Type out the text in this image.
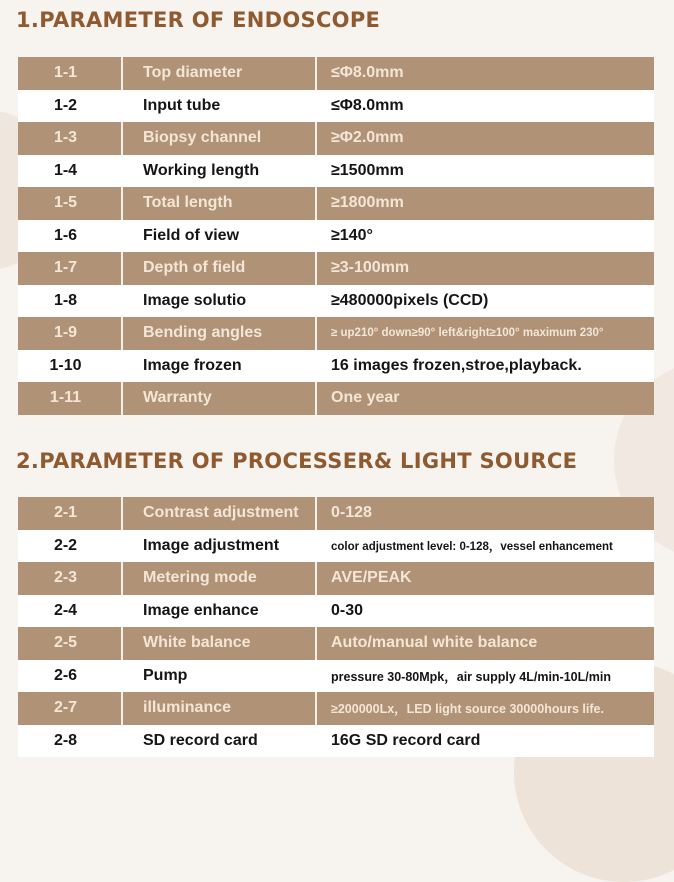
1.PARAMETER OF ENDOSCOPE
1-1	Top diameter	≤Φ8.0mm
1-2	Input tube	≤Φ8.0mm
1-3	Biopsy channel	≥Φ2.0mm
1-4	Working length	≥1500mm
1-5	Total length	≥1800mm
1-6	Field of view	≥140°
1-7	Depth of field	≥3-100mm
1-8	Image solutio	≥480000pixels (CCD)
1-9	Bending angles	≥ up210° down≥90° left&right≥100° maximum 230°
1-10	Image frozen	16 images frozen,stroe,playback.
1-11	Warranty	One year
2.PARAMETER OF PROCESSER& LIGHT SOURCE
2-1	Contrast adjustment	0-128
2-2	Image adjustment	color adjustment level: 0-128，vessel enhancement
2-3	Metering mode	AVE/PEAK
2-4	Image enhance	0-30
2-5	White balance	Auto/manual white balance
2-6	Pump	pressure 30-80Mpk，air supply 4L/min-10L/min
2-7	illuminance	≥200000Lx，LED light source 30000hours life.
2-8	SD record card	16G SD record card
